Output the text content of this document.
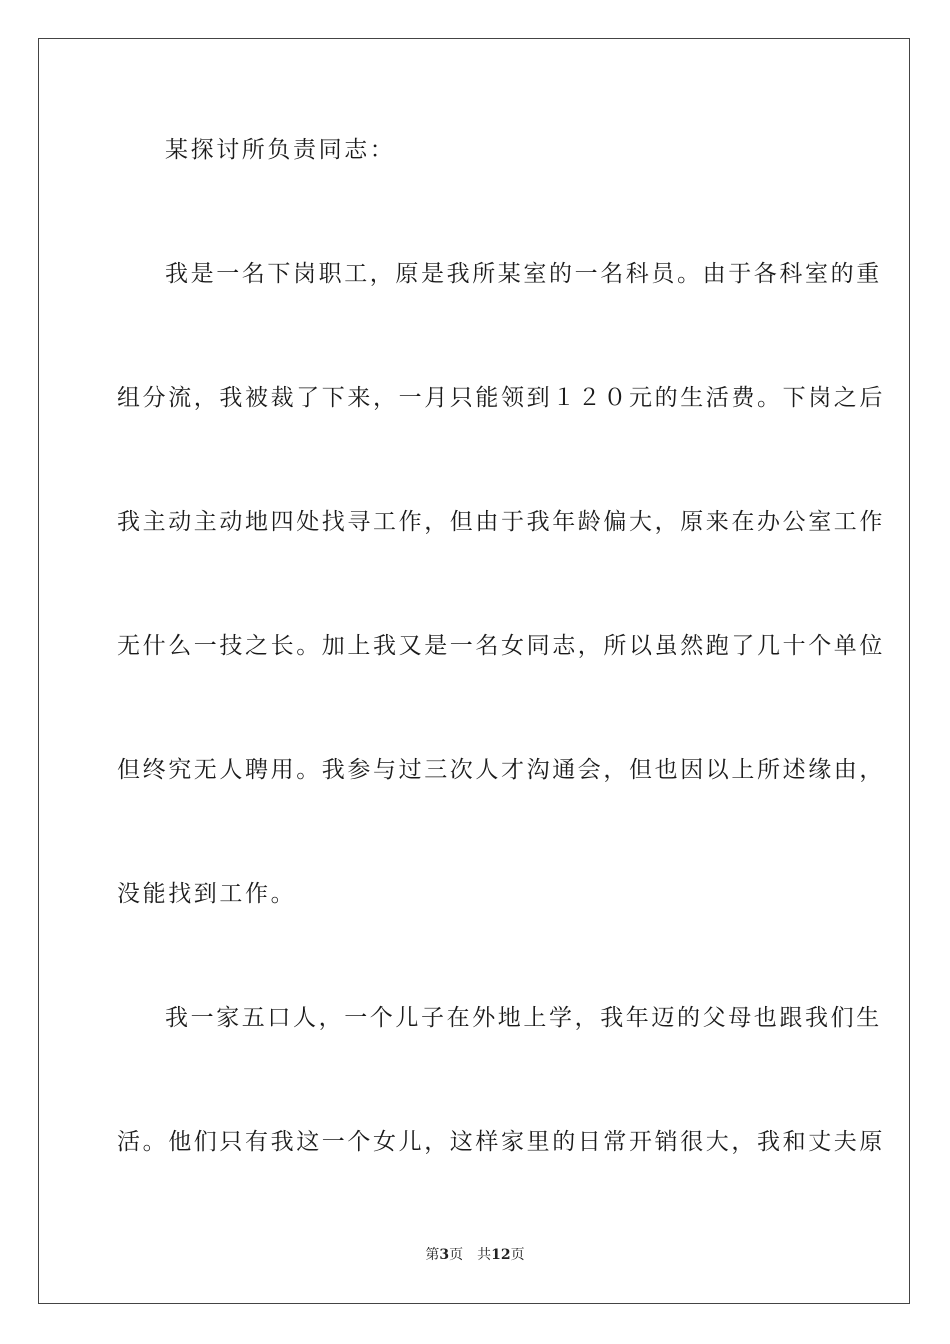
某探讨所负责同志：
我是一名下岗职工，原是我所某室的一名科员。由于各科室的重
组分流，我被裁了下来，一月只能领到１２０元的生活费。下岗之后
我主动主动地四处找寻工作，但由于我年龄偏大，原来在办公室工作
无什么一技之长。加上我又是一名女同志，所以虽然跑了几十个单位
但终究无人聘用。我参与过三次人才沟通会，但也因以上所述缘由，
没能找到工作。
我一家五口人，一个儿子在外地上学，我年迈的父母也跟我们生
活。他们只有我这一个女儿，这样家里的日常开销很大，我和丈夫原
第3页 共12页
